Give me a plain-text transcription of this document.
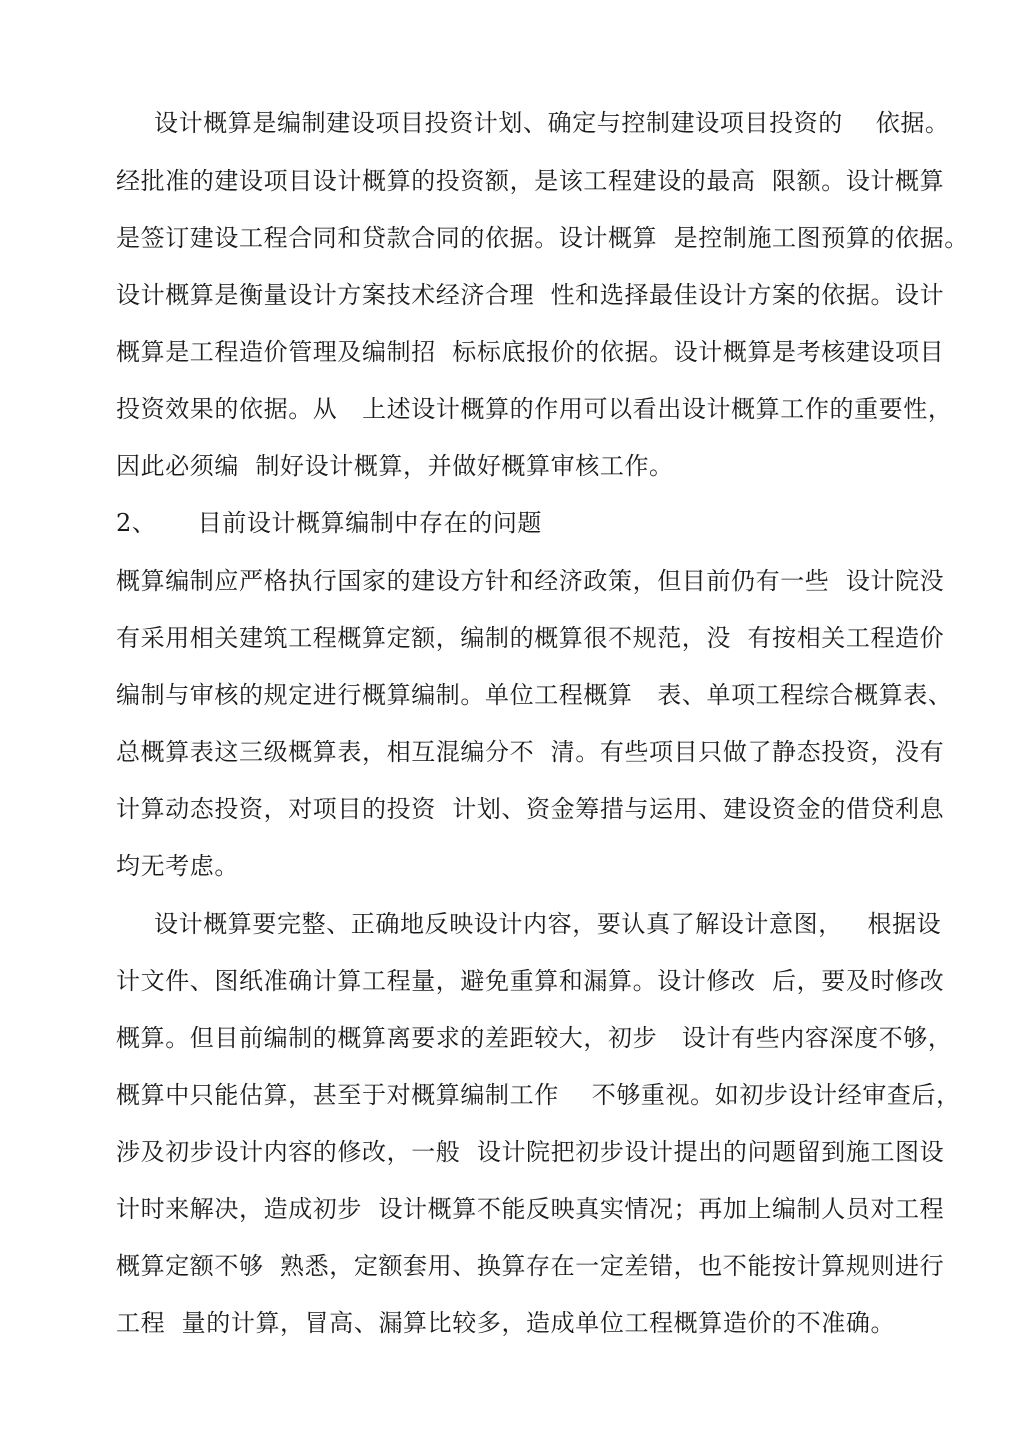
设计概算是编制建设项目投资计划、确定与控制建设项目投资的    依据。
经批准的建设项目设计概算的投资额，是该工程建设的最高  限额。设计概算
是签订建设工程合同和贷款合同的依据。设计概算  是控制施工图预算的依据。
设计概算是衡量设计方案技术经济合理  性和选择最佳设计方案的依据。设计
概算是工程造价管理及编制招  标标底报价的依据。设计概算是考核建设项目
投资效果的依据。从   上述设计概算的作用可以看出设计概算工作的重要性，
因此必须编  制好设计概算，并做好概算审核工作。
2、     目前设计概算编制中存在的问题
概算编制应严格执行国家的建设方针和经济政策，但目前仍有一些  设计院没
有采用相关建筑工程概算定额，编制的概算很不规范，没  有按相关工程造价
编制与审核的规定进行概算编制。单位工程概算   表、单项工程综合概算表、
总概算表这三级概算表，相互混编分不  清。有些项目只做了静态投资，没有
计算动态投资，对项目的投资  计划、资金筹措与运用、建设资金的借贷利息
均无考虑。
设计概算要完整、正确地反映设计内容，要认真了解设计意图，   根据设
计文件、图纸准确计算工程量，避免重算和漏算。设计修改  后，要及时修改
概算。但目前编制的概算离要求的差距较大，初步   设计有些内容深度不够，
概算中只能估算，甚至于对概算编制工作    不够重视。如初步设计经审查后，
涉及初步设计内容的修改，一般  设计院把初步设计提出的问题留到施工图设
计时来解决，造成初步  设计概算不能反映真实情况；再加上编制人员对工程
概算定额不够  熟悉，定额套用、换算存在一定差错，也不能按计算规则进行
工程  量的计算，冒高、漏算比较多，造成单位工程概算造价的不准确。
